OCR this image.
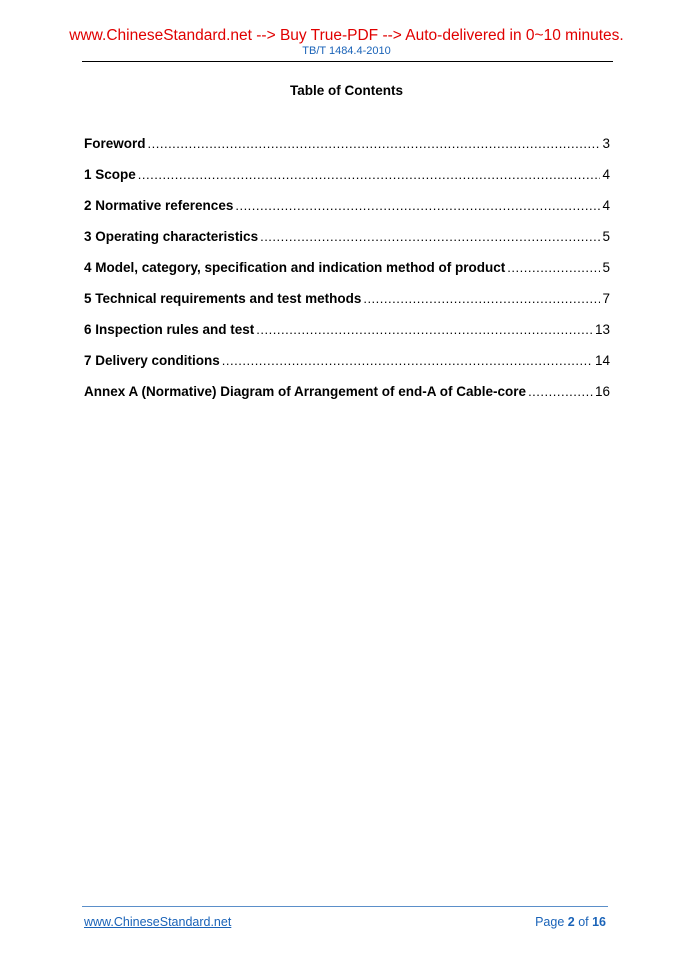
www.ChineseStandard.net --> Buy True-PDF --> Auto-delivered in 0~10 minutes.
TB/T 1484.4-2010
Table of Contents
Foreword .....	3
1 Scope .....	4
2 Normative references .....	4
3 Operating characteristics .....	5
4 Model, category, specification and indication method of product .....	5
5 Technical requirements and test methods .....	7
6 Inspection rules and test .....	13
7 Delivery conditions .....	14
Annex A (Normative) Diagram of Arrangement of end-A of Cable-core .....	16
www.ChineseStandard.net	Page 2 of 16
